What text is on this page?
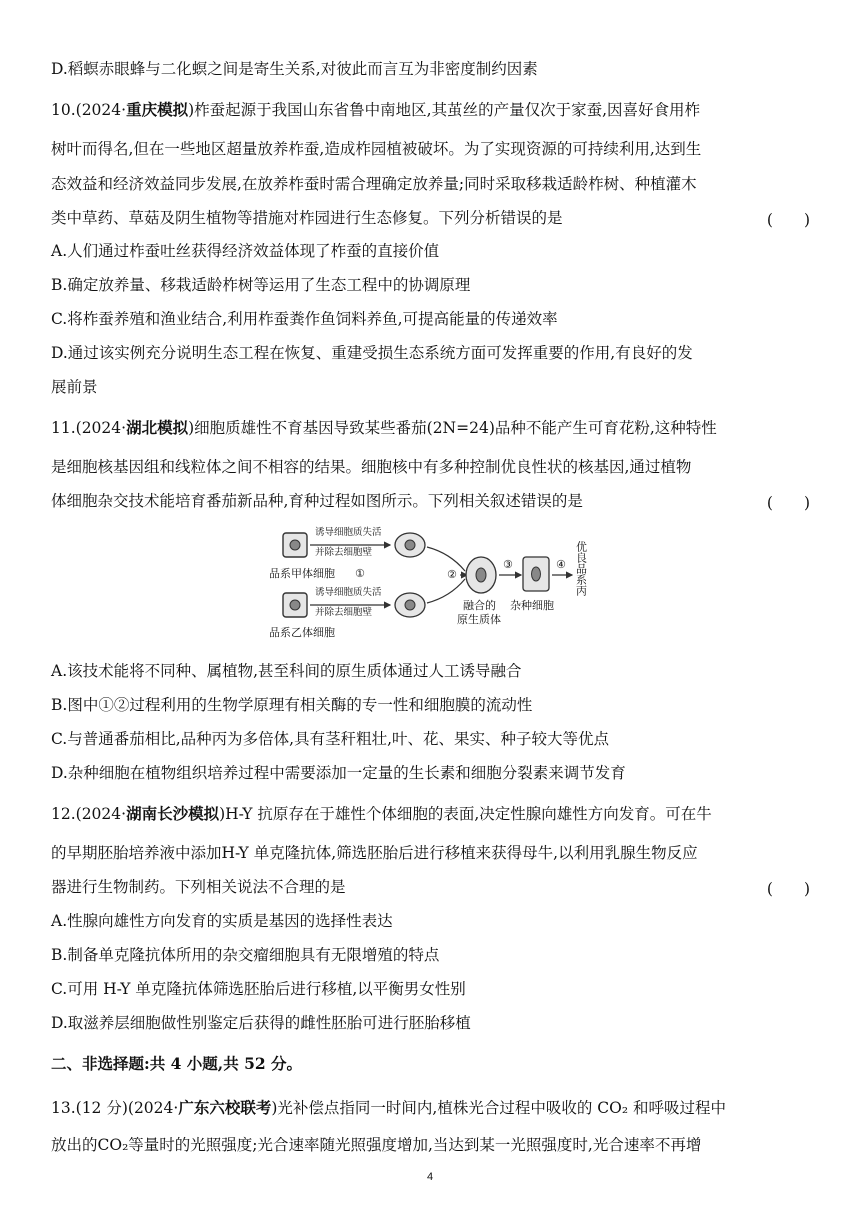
D.稻螟赤眼蜂与二化螟之间是寄生关系,对彼此而言互为非密度制约因素
10.(2024·重庆模拟)柞蚕起源于我国山东省鲁中南地区,其茧丝的产量仅次于家蚕,因喜好食用柞
树叶而得名,但在一些地区超量放养柞蚕,造成柞园植被破坏。为了实现资源的可持续利用,达到生
态效益和经济效益同步发展,在放养柞蚕时需合理确定放养量;同时采取移栽适龄柞树、种植灌木
类中草药、草菇及阴生植物等措施对柞园进行生态修复。下列分析错误的是	(　　)
A.人们通过柞蚕吐丝获得经济效益体现了柞蚕的直接价值
B.确定放养量、移栽适龄柞树等运用了生态工程中的协调原理
C.将柞蚕养殖和渔业结合,利用柞蚕粪作鱼饲料养鱼,可提高能量的传递效率
D.通过该实例充分说明生态工程在恢复、重建受损生态系统方面可发挥重要的作用,有良好的发
展前景
11.(2024·湖北模拟)细胞质雄性不育基因导致某些番茄(2N=24)品种不能产生可育花粉,这种特性
是细胞核基因组和线粒体之间不相容的结果。细胞核中有多种控制优良性状的核基因,通过植物
体细胞杂交技术能培育番茄新品种,育种过程如图所示。下列相关叙述错误的是	(　　)
品系甲体细胞 ①
诱导细胞质失活
并除去细胞壁
品系乙体细胞
诱导细胞质失活
并除去细胞壁
②
融合的
原生质体
③
杂种细胞
④ 优良品系丙
A.该技术能将不同种、属植物,甚至科间的原生质体通过人工诱导融合
B.图中①②过程利用的生物学原理有相关酶的专一性和细胞膜的流动性
C.与普通番茄相比,品种丙为多倍体,具有茎秆粗壮,叶、花、果实、种子较大等优点
D.杂种细胞在植物组织培养过程中需要添加一定量的生长素和细胞分裂素来调节发育
12.(2024·湖南长沙模拟)H-Y 抗原存在于雄性个体细胞的表面,决定性腺向雄性方向发育。可在牛
的早期胚胎培养液中添加H-Y 单克隆抗体,筛选胚胎后进行移植来获得母牛,以利用乳腺生物反应
器进行生物制药。下列相关说法不合理的是	(　　)
A.性腺向雄性方向发育的实质是基因的选择性表达
B.制备单克隆抗体所用的杂交瘤细胞具有无限增殖的特点
C.可用 H-Y 单克隆抗体筛选胚胎后进行移植,以平衡男女性别
D.取滋养层细胞做性别鉴定后获得的雌性胚胎可进行胚胎移植
二、非选择题:共 4 小题,共 52 分。
13.(12 分)(2024·广东六校联考)光补偿点指同一时间内,植株光合过程中吸收的 CO₂ 和呼吸过程中
放出的CO₂等量时的光照强度;光合速率随光照强度增加,当达到某一光照强度时,光合速率不再增
4
